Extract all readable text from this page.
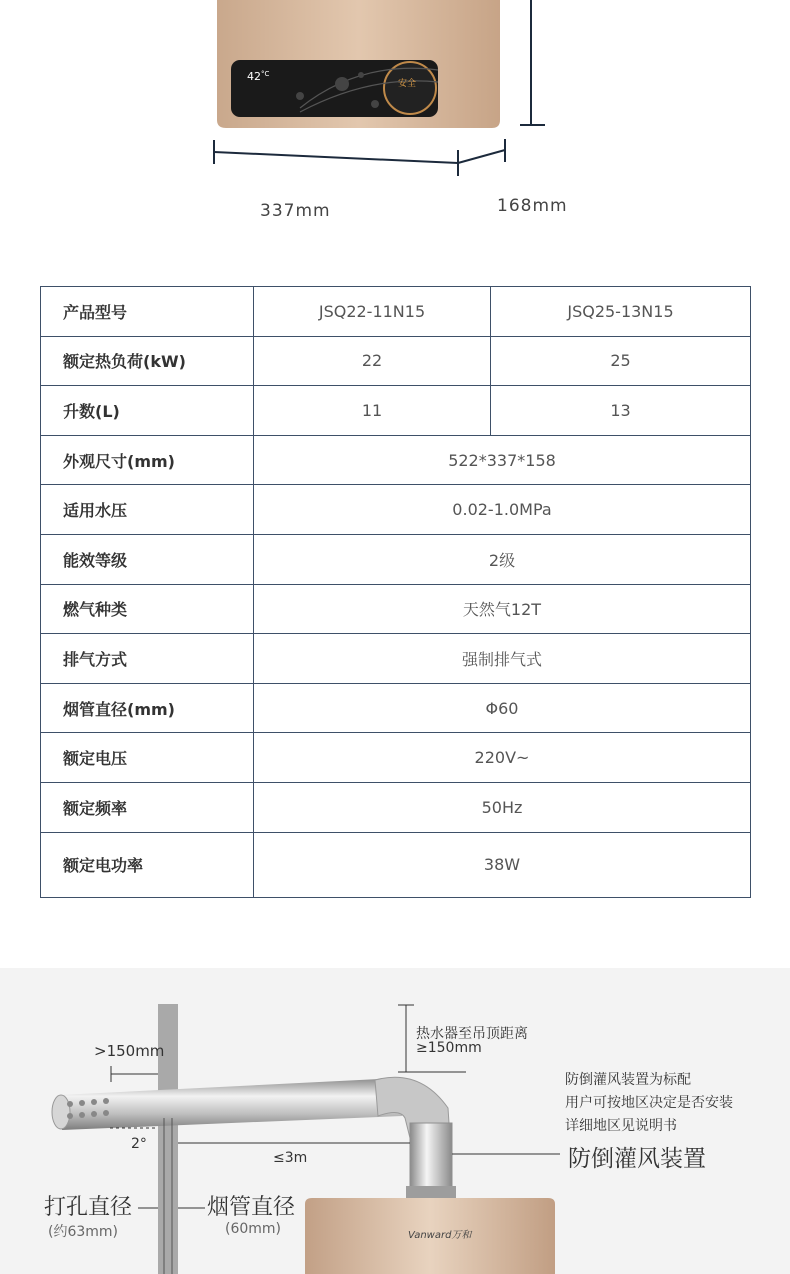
$42^{^\circ C}$
安全
337mm	168mm
产品型号	JSQ22-11N15	JSQ25-13N15
额定热负荷(kW)	22	25
升数(L)	11	13
外观尺寸(mm)	522*337*158	
适用水压	0.02-1.0MPa	
能效等级	2级	
燃气种类	天然气12T	
排气方式	强制排气式	
烟管直径(mm)	Φ60	
额定电压	220V~	
额定频率	50Hz	
额定电功率	38W	
>150mm
热水器至吊顶距离
≥150mm
防倒灌风装置为标配
用户可按地区决定是否安装
详细地区见说明书
防倒灌风装置
2°
≤3m
打孔直径
(约63mm)
烟管直径
(60mm)	Vanward万和
